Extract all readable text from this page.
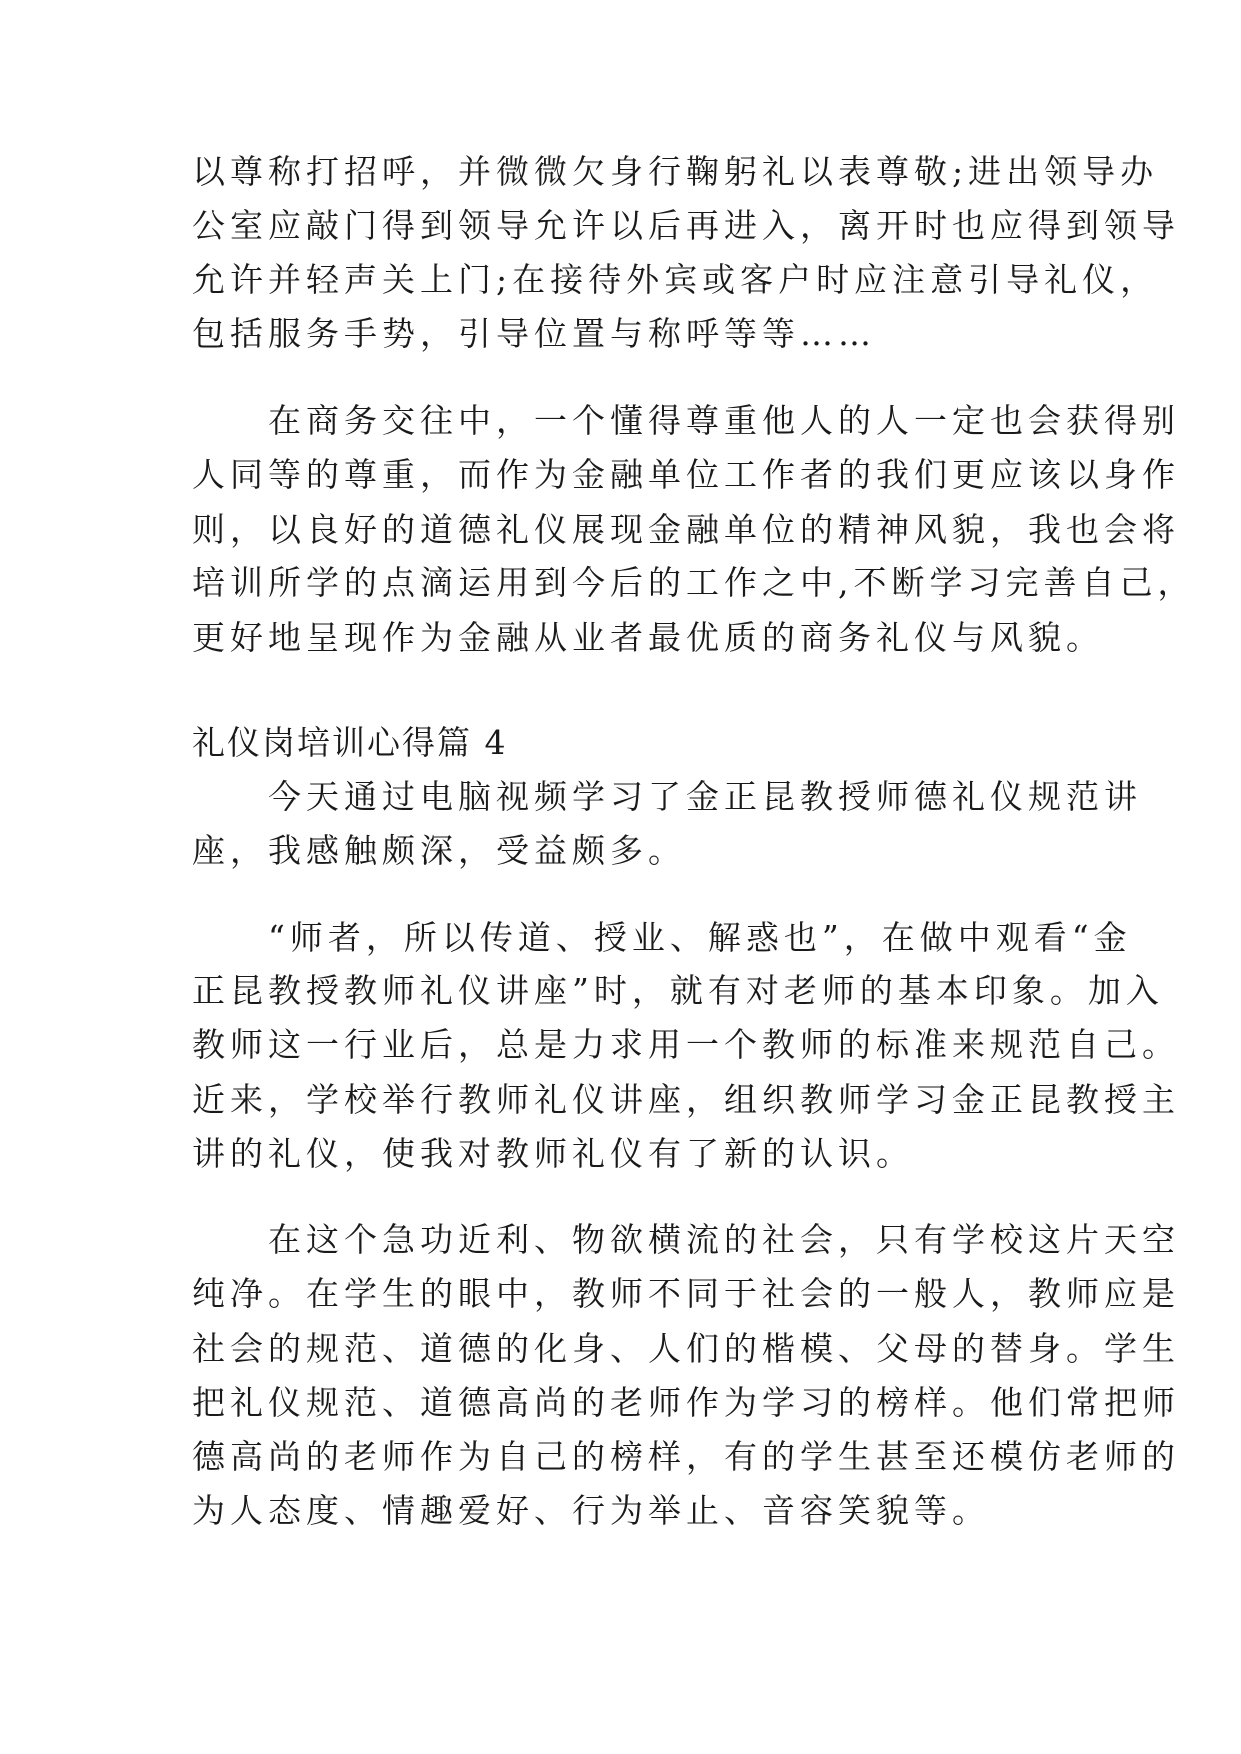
以尊称打招呼，并微微欠身行鞠躬礼以表尊敬;进出领导办
公室应敲门得到领导允许以后再进入，离开时也应得到领导
允许并轻声关上门;在接待外宾或客户时应注意引导礼仪，
包括服务手势，引导位置与称呼等等……
　　在商务交往中，一个懂得尊重他人的人一定也会获得别
人同等的尊重，而作为金融单位工作者的我们更应该以身作
则，以良好的道德礼仪展现金融单位的精神风貌，我也会将
培训所学的点滴运用到今后的工作之中,不断学习完善自己，
更好地呈现作为金融从业者最优质的商务礼仪与风貌。
礼仪岗培训心得篇 4
　　今天通过电脑视频学习了金正昆教授师德礼仪规范讲
座，我感触颇深，受益颇多。
　　“师者，所以传道、授业、解惑也”，在做中观看“金
正昆教授教师礼仪讲座”时，就有对老师的基本印象。加入
教师这一行业后，总是力求用一个教师的标准来规范自己。
近来，学校举行教师礼仪讲座，组织教师学习金正昆教授主
讲的礼仪，使我对教师礼仪有了新的认识。
　　在这个急功近利、物欲横流的社会，只有学校这片天空
纯净。在学生的眼中，教师不同于社会的一般人，教师应是
社会的规范、道德的化身、人们的楷模、父母的替身。学生
把礼仪规范、道德高尚的老师作为学习的榜样。他们常把师
德高尚的老师作为自己的榜样，有的学生甚至还模仿老师的
为人态度、情趣爱好、行为举止、音容笑貌等。
